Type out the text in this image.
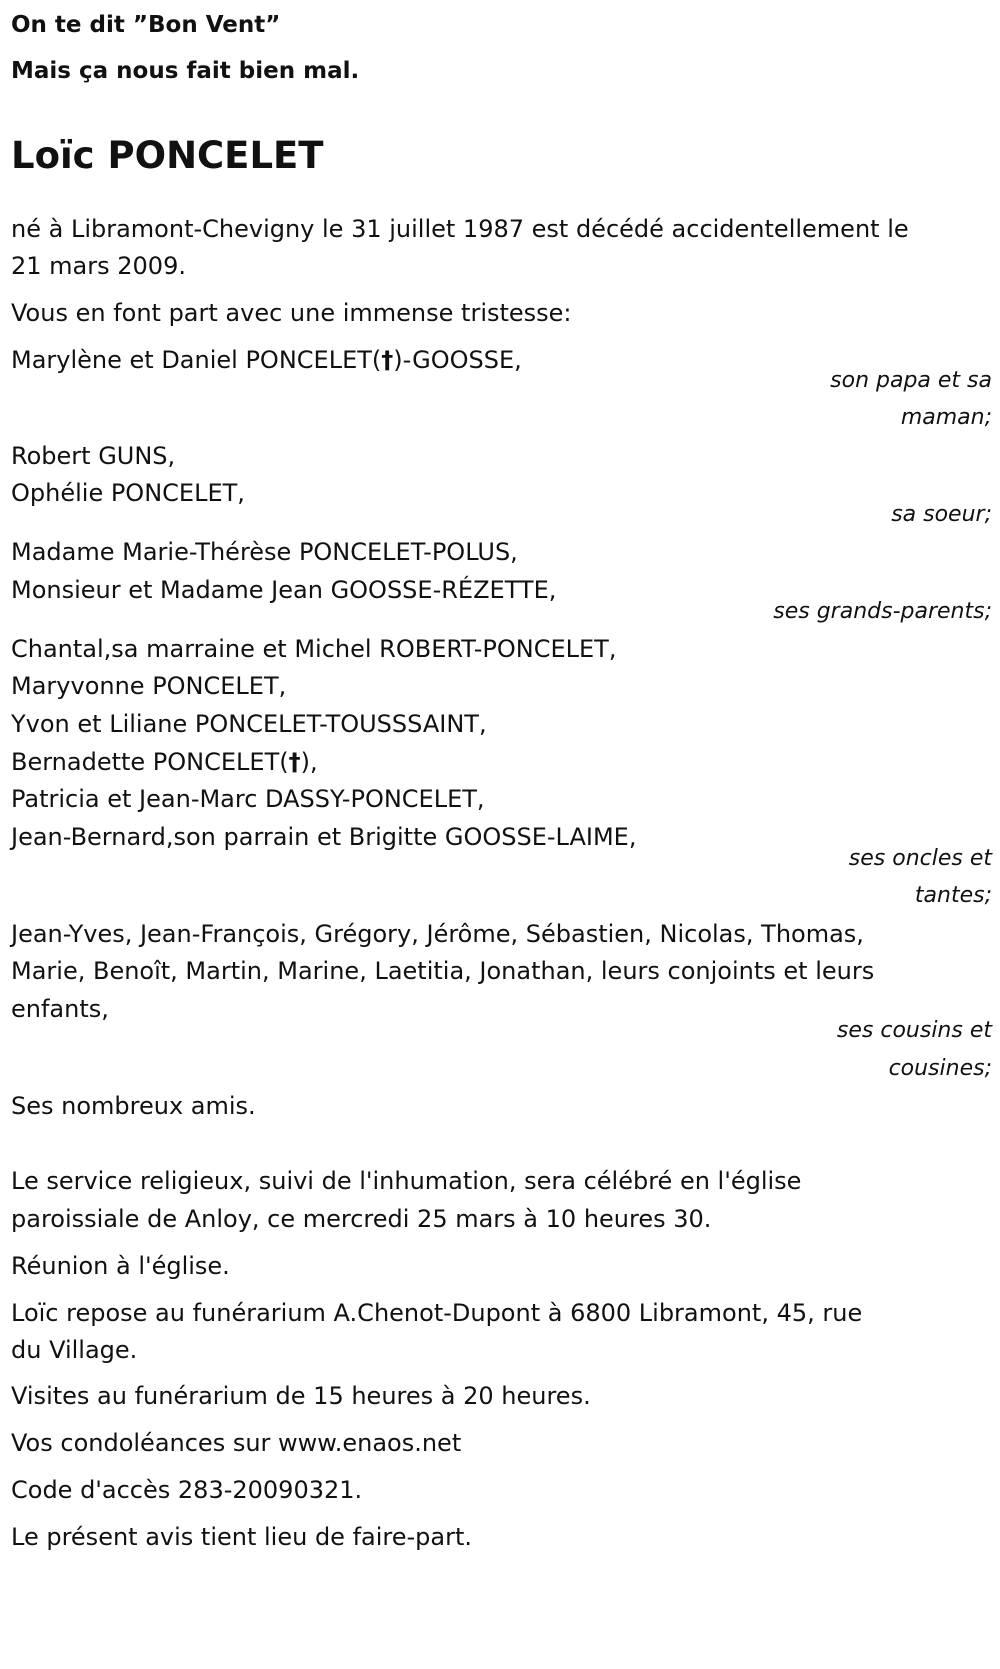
On te dit ”Bon Vent”
Mais ça nous fait bien mal.
Loïc PONCELET
né à Libramont-Chevigny le 31 juillet 1987 est décédé accidentellement le
21 mars 2009.
Vous en font part avec une immense tristesse:
Marylène et Daniel PONCELET(†)-GOOSSE,
son papa et sa
maman;
Robert GUNS,
Ophélie PONCELET,
sa soeur;
Madame Marie-Thérèse PONCELET-POLUS,
Monsieur et Madame Jean GOOSSE-RÉZETTE,
ses grands-parents;
Chantal,sa marraine et Michel ROBERT-PONCELET,
Maryvonne PONCELET,
Yvon et Liliane PONCELET-TOUSSSAINT,
Bernadette PONCELET(†),
Patricia et Jean-Marc DASSY-PONCELET,
Jean-Bernard,son parrain et Brigitte GOOSSE-LAIME,
ses oncles et
tantes;
Jean-Yves, Jean-François, Grégory, Jérôme, Sébastien, Nicolas, Thomas,
Marie, Benoît, Martin, Marine, Laetitia, Jonathan, leurs conjoints et leurs
enfants,
ses cousins et
cousines;
Ses nombreux amis.
Le service religieux, suivi de l'inhumation, sera célébré en l'église
paroissiale de Anloy, ce mercredi 25 mars à 10 heures 30.
Réunion à l'église.
Loïc repose au funérarium A.Chenot-Dupont à 6800 Libramont, 45, rue
du Village.
Visites au funérarium de 15 heures à 20 heures.
Vos condoléances sur www.enaos.net
Code d'accès 283-20090321.
Le présent avis tient lieu de faire-part.
